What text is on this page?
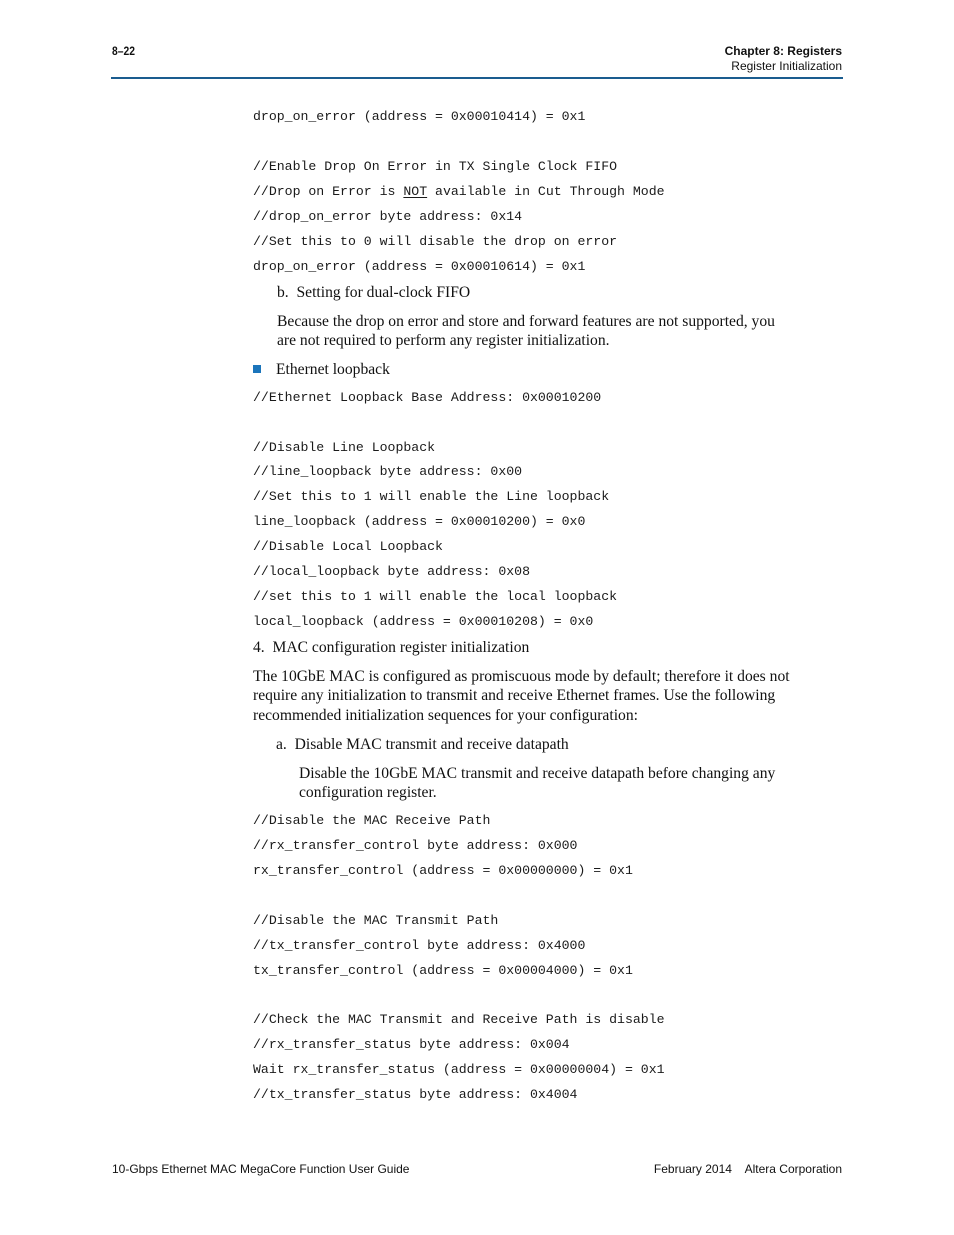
8–22	Chapter 8: Registers
Register Initialization
drop_on_error (address = 0x00010414) = 0x1
//Enable Drop On Error in TX Single Clock FIFO
//Drop on Error is NOT available in Cut Through Mode
//drop_on_error byte address: 0x14
//Set this to 0 will disable the drop on error
drop_on_error (address = 0x00010614) = 0x1
b.  Setting for dual-clock FIFO
Because the drop on error and store and forward features are not supported, you
are not required to perform any register initialization.
Ethernet loopback
//Ethernet Loopback Base Address: 0x00010200
//Disable Line Loopback
//line_loopback byte address: 0x00
//Set this to 1 will enable the Line loopback
line_loopback (address = 0x00010200) = 0x0
//Disable Local Loopback
//local_loopback byte address: 0x08
//set this to 1 will enable the local loopback
local_loopback (address = 0x00010208) = 0x0
4.  MAC configuration register initialization
The 10GbE MAC is configured as promiscuous mode by default; therefore it does not
require any initialization to transmit and receive Ethernet frames. Use the following
recommended initialization sequences for your configuration:
a.  Disable MAC transmit and receive datapath
Disable the 10GbE MAC transmit and receive datapath before changing any
configuration register.
//Disable the MAC Receive Path
//rx_transfer_control byte address: 0x000
rx_transfer_control (address = 0x00000000) = 0x1
//Disable the MAC Transmit Path
//tx_transfer_control byte address: 0x4000
tx_transfer_control (address = 0x00004000) = 0x1
//Check the MAC Transmit and Receive Path is disable
//rx_transfer_status byte address: 0x004
Wait rx_transfer_status (address = 0x00000004) = 0x1
//tx_transfer_status byte address: 0x4004
10-Gbps Ethernet MAC MegaCore Function User Guide	February 2014    Altera Corporation
